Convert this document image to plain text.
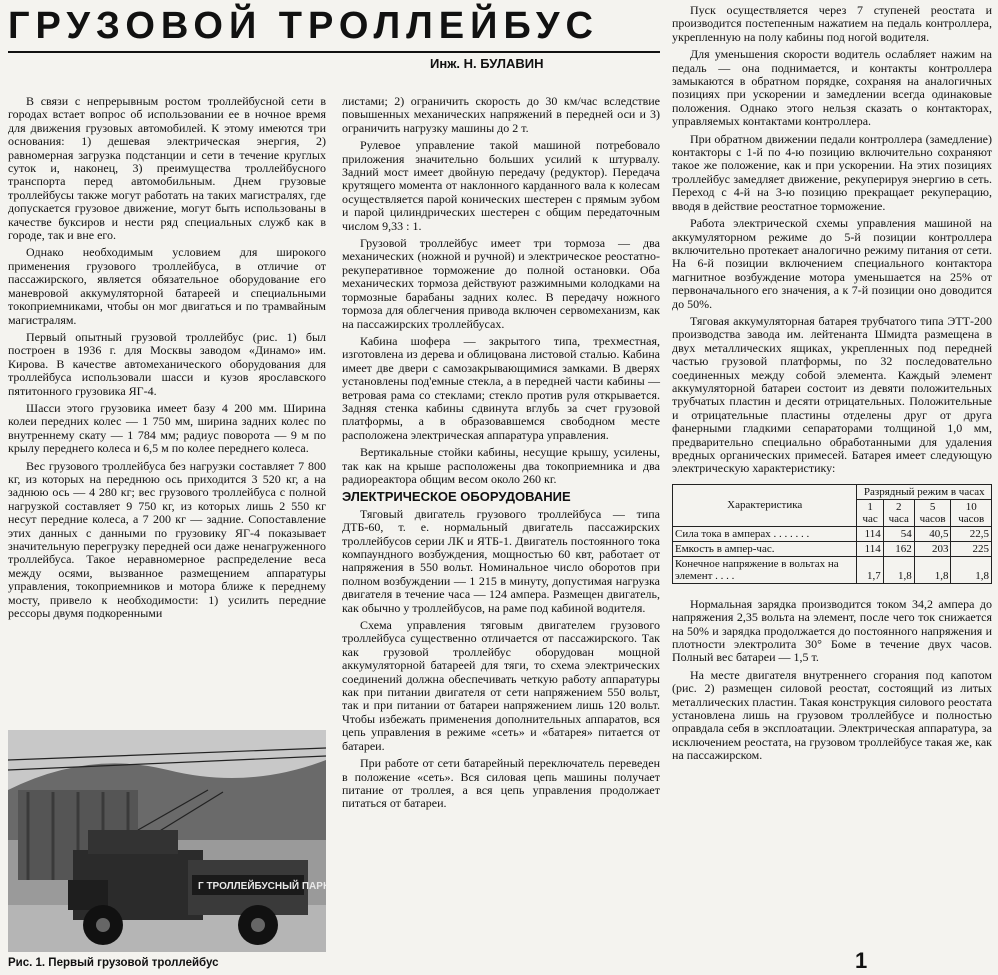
ГРУЗОВОЙ ТРОЛЛЕЙБУС
Инж. Н. БУЛАВИН

В связи с непрерывным ростом троллейбусной сети в городах встает вопрос об использовании ее в ночное время для движения грузовых автомобилей. К этому имеются три основания: 1) дешевая электрическая энергия, 2) равномерная загрузка подстанции и сети в течение круглых суток и, наконец, 3) преимущества троллейбусного транспорта перед автомобильным. Днем грузовые троллейбусы также могут работать на таких магистралях, где допускается грузовое движение, могут быть использованы в качестве буксиров и нести ряд специальных служб как в городе, так и вне его.

Однако необходимым условием для широкого применения грузового троллейбуса, в отличие от пассажирского, является обязательное оборудование его маневровой аккумуляторной батареей и специальными токоприемниками, чтобы он мог двигаться и по трамвайным магистралям.

Первый опытный грузовой троллейбус (рис. 1) был построен в 1936 г. для Москвы заводом «Динамо» им. Кирова. В качестве автомеханического оборудования для троллейбуса использовали шасси и кузов ярославского пятитонного грузовика ЯГ-4.

Шасси этого грузовика имеет базу 4 200 мм. Ширина колеи передних колес — 1 750 мм, ширина задних колес по внутреннему скату — 1 784 мм; радиус поворота — 9 м по крылу переднего колеса и 6,5 м по колее переднего колеса.

Вес грузового троллейбуса без нагрузки составляет 7 800 кг, из которых на переднюю ось приходится 3 520 кг, а на заднюю ось — 4 280 кг; вес грузового троллейбуса с полной нагрузкой составляет 9 750 кг, из которых лишь 2 550 кг несут передние колеса, а 7 200 кг — задние. Сопоставление этих данных с данными по грузовику ЯГ-4 показывает значительную перегрузку передней оси даже ненагруженного троллейбуса. Такое неравномерное распределение веса между осями, вызванное размещением аппаратуры управления, токоприемников и мотора ближе к переднему мосту, привело к необходимости: 1) усилить передние рессоры двумя подкоренными

Г ТРОЛЛЕЙБУСНЫЙ ПАРК
Рис. 1. Первый грузовой троллейбус

листами; 2) ограничить скорость до 30 км/час вследствие повышенных механических напряжений в передней оси и 3) ограничить нагрузку машины до 2 т.

Рулевое управление такой машиной потребовало приложения значительно больших усилий к штурвалу. Задний мост имеет двойную передачу (редуктор). Передача крутящего момента от наклонного карданного вала к колесам осуществляется парой конических шестерен с прямым зубом и парой цилиндрических шестерен с общим передаточным числом 9,33 : 1.

Грузовой троллейбус имеет три тормоза — два механических (ножной и ручной) и электрическое реостатно-рекуперативное торможение до полной остановки. Оба механических тормоза действуют разжимными колодками на тормозные барабаны задних колес. В передачу ножного тормоза для облегчения привода включен сервомеханизм, как на пассажирских троллейбусах.

Кабина шофера — закрытого типа, трехместная, изготовлена из дерева и облицована листовой сталью. Кабина имеет две двери с самозакрывающимися замками. В дверях установлены под'емные стекла, а в передней части кабины — ветровая рама со стеклами; стекло против руля открывается. Задняя стенка кабины сдвинута вглубь за счет грузовой платформы, а в образовавшемся свободном месте расположена электрическая аппаратура управления.

Вертикальные стойки кабины, несущие крышу, усилены, так как на крыше расположены два токоприемника и два радиореактора общим весом около 260 кг.

ЭЛЕКТРИЧЕСКОЕ ОБОРУДОВАНИЕ

Тяговый двигатель грузового троллейбуса — типа ДТБ-60, т. е. нормальный двигатель пассажирских троллейбусов серии ЛК и ЯТБ-1. Двигатель постоянного тока компаундного возбуждения, мощностью 60 квт, работает от напряжения в 550 вольт. Номинальное число оборотов при полном возбуждении — 1 215 в минуту, допустимая нагрузка двигателя в течение часа — 124 ампера. Размещен двигатель, как обычно у троллейбусов, на раме под кабиной водителя.

Схема управления тяговым двигателем грузового троллейбуса существенно отличается от пассажирского. Так как грузовой троллейбус оборудован мощной аккумуляторной батареей для тяги, то схема электрических соединений должна обеспечивать четкую работу аппаратуры как при питании двигателя от сети напряжением 550 вольт, так и при питании от батареи напряжением лишь 120 вольт. Чтобы избежать применения дополнительных аппаратов, вся цепь управления в режиме «сеть» и «батарея» питается от батареи.

При работе от сети батарейный переключатель переведен в положение «сеть». Вся силовая цепь машины получает питание от троллея, а вся цепь управления продолжает питаться от батареи.

Пуск осуществляется через 7 ступеней реостата и производится постепенным нажатием на педаль контроллера, укрепленную на полу кабины под ногой водителя.

Для уменьшения скорости водитель ослабляет нажим на педаль — она поднимается, и контакты контроллера замыкаются в обратном порядке, сохраняя на аналогичных позициях при ускорении и замедлении всегда одинаковые положения. Однако этого нельзя сказать о контакторах, управляемых контактами контроллера.

При обратном движении педали контроллера (замедление) контакторы с 1-й по 4-ю позицию включительно сохраняют такое же положение, как и при ускорении. На этих позициях троллейбус замедляет движение, рекуперируя энергию в сеть. Переход с 4-й на 3-ю позицию прекращает рекуперацию, вводя в действие реостатное торможение.

Работа электрической схемы управления машиной на аккумуляторном режиме до 5-й позиции контроллера включительно протекает аналогично режиму питания от сети. На 6-й позиции включением специального контактора магнитное возбуждение мотора уменьшается на 25% от первоначального его значения, а к 7-й позиции оно доводится до 50%.

Тяговая аккумуляторная батарея трубчатого типа ЭТТ-200 производства завода им. лейтенанта Шмидта размещена в двух металлических ящиках, укрепленных под передней частью грузовой платформы, по 32 последовательно соединенных между собой элемента. Каждый элемент аккумуляторной батареи состоит из девяти положительных трубчатых пластин и десяти отрицательных. Положительные и отрицательные пластины отделены друг от друга фанерными гладкими сепараторами толщиной 1,0 мм, предварительно специально обработанными для удаления вредных органических примесей. Батарея имеет следующую электрическую характеристику:

Характеристика	Разрядный режим в часах			
	1 час	2 часа	5 часов	10 часов
Сила тока в амперах . . . . . . .	114	54	40,5	22,5
Емкость в ампер-час.	114	162	203	225
Конечное напряжение в вольтах на элемент . . . .	1,7	1,8	1,8	1,8

Нормальная зарядка производится током 34,2 ампера до напряжения 2,35 вольта на элемент, после чего ток снижается на 50% и зарядка продолжается до постоянного напряжения и плотности электролита 30° Боме в течение двух часов. Полный вес батареи — 1,5 т.

На месте двигателя внутреннего сгорания под капотом (рис. 2) размещен силовой реостат, состоящий из литых металлических пластин. Такая конструкция силового реостата установлена лишь на грузовом троллейбусе и полностью оправдала себя в эксплоатации. Электрическая аппаратура, за исключением реостата, на грузовом троллейбусе такая же, как на пассажирском.

1
